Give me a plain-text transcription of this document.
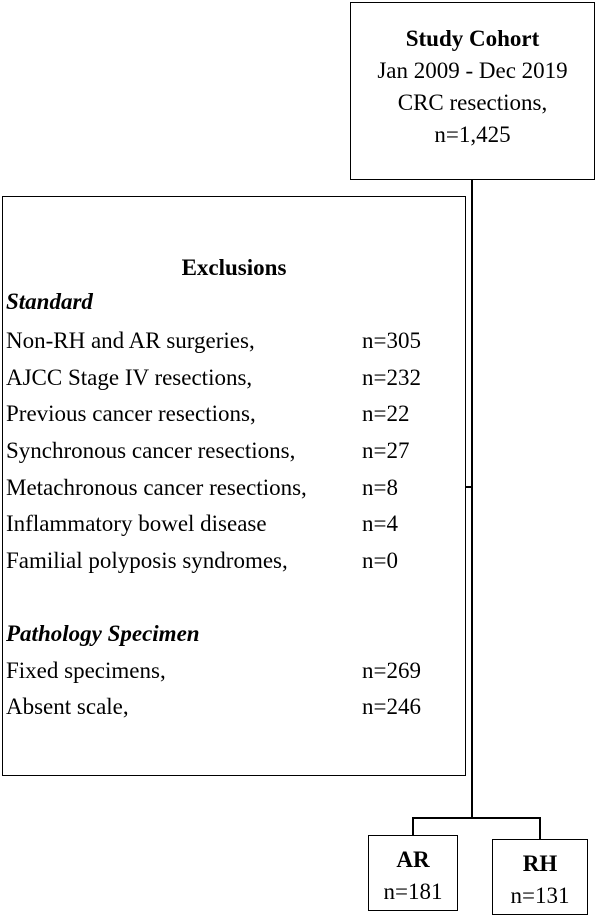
Study Cohort
Jan 2009 - Dec 2019
CRC resections,
n=1,425
Exclusions
Standard
Non-RH and AR surgeries,	n=305
AJCC Stage IV resections,	n=232
Previous cancer resections,	n=22
Synchronous cancer resections,	n=27
Metachronous cancer resections, n=8
Inflammatory bowel disease	n=4
Familial polyposis syndromes,	n=0
Pathology Specimen
Fixed specimens,	n=269
Absent scale,	n=246
AR
n=181
RH
n=131
